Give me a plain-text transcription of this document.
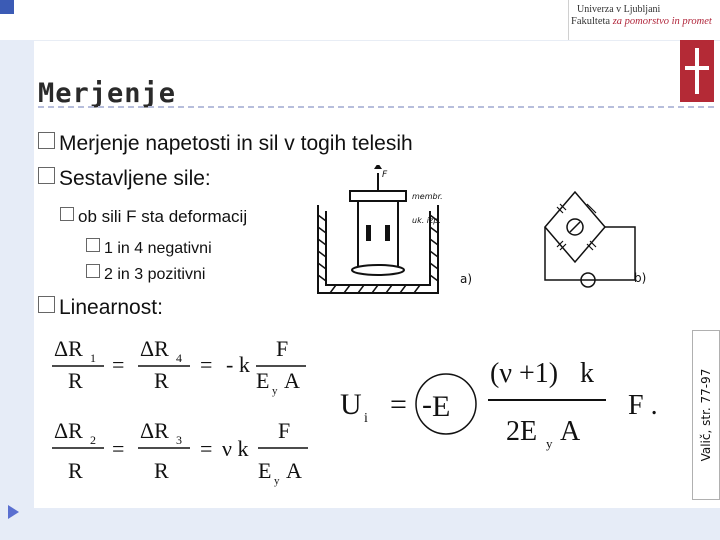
Univerza v Ljubljani
Fakulteta za pomorstvo in promet
Merjenje
Merjenje napetosti in sil v togih telesih
Sestavljene sile:
ob sili F sta deformacij
1 in 4 negativni
2 in 3 pozitivni
Linearnost:
F
membr.
uk. izp.
a)	b)
ΔR 1
R
=
ΔR 4
R
= - k
F
E y A
ΔR 2
R
=
ΔR 3
R
= ν k
F
E y A
U i = - E
(ν +1) k
2E y A
F .	Valič, str. 77-97
